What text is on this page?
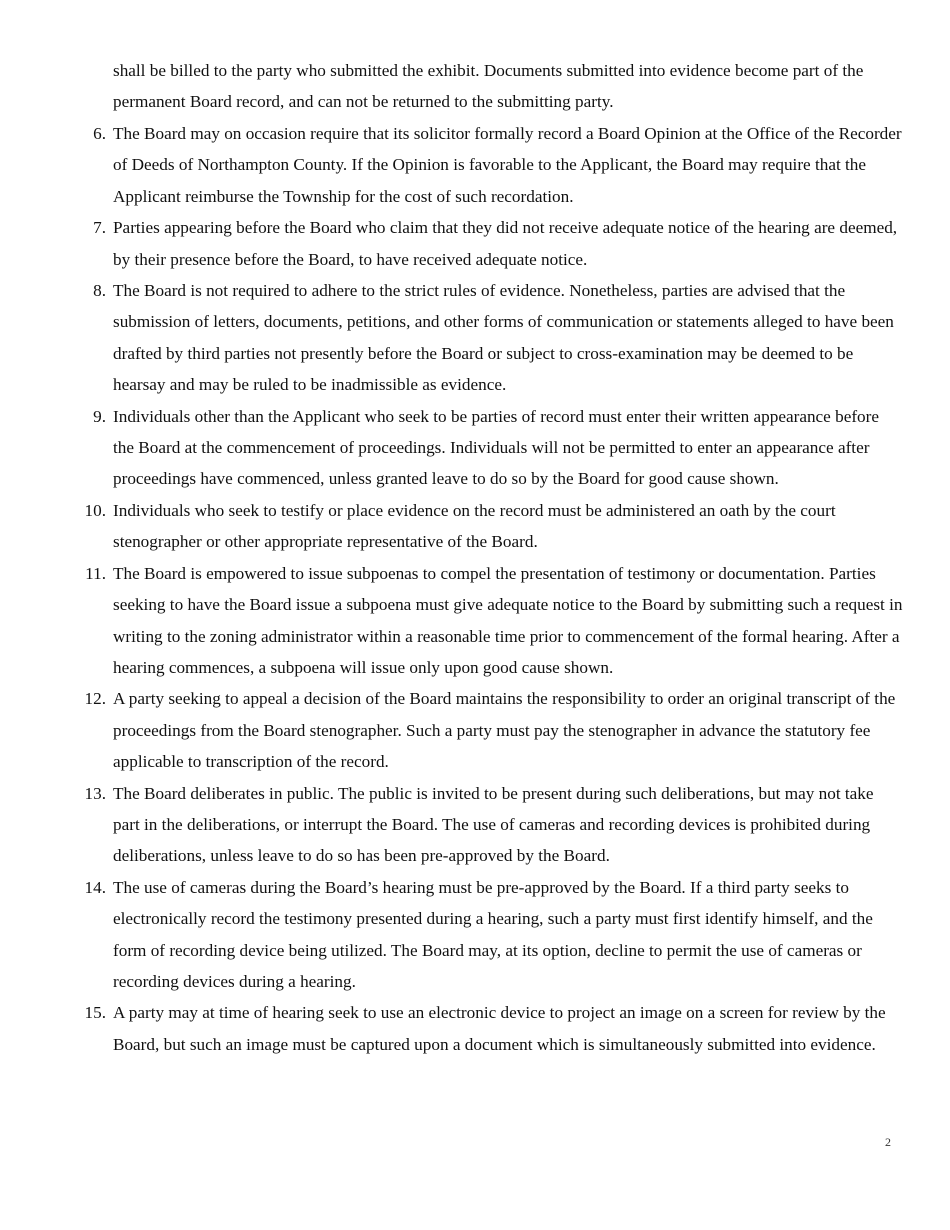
shall be billed to the party who submitted the exhibit. Documents submitted into evidence become part of the permanent Board record, and can not be returned to the submitting party.

6. The Board may on occasion require that its solicitor formally record a Board Opinion at the Office of the Recorder of Deeds of Northampton County. If the Opinion is favorable to the Applicant, the Board may require that the Applicant reimburse the Township for the cost of such recordation.
7. Parties appearing before the Board who claim that they did not receive adequate notice of the hearing are deemed, by their presence before the Board, to have received adequate notice.
8. The Board is not required to adhere to the strict rules of evidence. Nonetheless, parties are advised that the submission of letters, documents, petitions, and other forms of communication or statements alleged to have been drafted by third parties not presently before the Board or subject to cross-examination may be deemed to be hearsay and may be ruled to be inadmissible as evidence.
9. Individuals other than the Applicant who seek to be parties of record must enter their written appearance before the Board at the commencement of proceedings. Individuals will not be permitted to enter an appearance after proceedings have commenced, unless granted leave to do so by the Board for good cause shown.
10. Individuals who seek to testify or place evidence on the record must be administered an oath by the court stenographer or other appropriate representative of the Board.
11. The Board is empowered to issue subpoenas to compel the presentation of testimony or documentation. Parties seeking to have the Board issue a subpoena must give adequate notice to the Board by submitting such a request in writing to the zoning administrator within a reasonable time prior to commencement of the formal hearing. After a hearing commences, a subpoena will issue only upon good cause shown.
12. A party seeking to appeal a decision of the Board maintains the responsibility to order an original transcript of the proceedings from the Board stenographer. Such a party must pay the stenographer in advance the statutory fee applicable to transcription of the record.
13. The Board deliberates in public. The public is invited to be present during such deliberations, but may not take part in the deliberations, or interrupt the Board. The use of cameras and recording devices is prohibited during deliberations, unless leave to do so has been pre-approved by the Board.
14. The use of cameras during the Board’s hearing must be pre-approved by the Board. If a third party seeks to electronically record the testimony presented during a hearing, such a party must first identify himself, and the form of recording device being utilized. The Board may, at its option, decline to permit the use of cameras or recording devices during a hearing.
15. A party may at time of hearing seek to use an electronic device to project an image on a screen for review by the Board, but such an image must be captured upon a document which is simultaneously submitted into evidence.
2
